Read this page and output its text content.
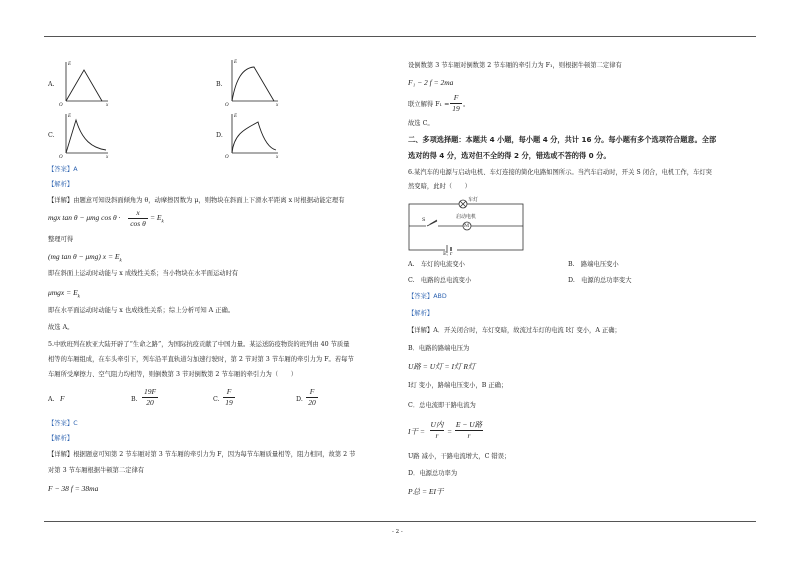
A.
E
O	x
B.
E
O	x
C.
E
O	x
D.
E
O	x
【答案】A
【解析】
【详解】由题意可知设斜面倾角为 θ，动摩擦因数为 μ，则物块在斜面上下滑水平距离 x 时根据动能定理有
mgx tan θ − μmg cos θ ·
x
cos θ
= $E_k$
整理可得
(mg tan θ − μmg) $x = E_k$
即在斜面上运动时动能与 x 成线性关系；当小物块在水平面运动时有
$\mu mgx = E_k$
即在水平面运动时动能与 x 也成线性关系；综上分析可知 A 正确。
故选 A。
5.中欧班列在欧亚大陆开辟了“生命之路”，为国际抗疫贡献了中国力量。某运送防疫物资的班列由 40 节质量
相等的车厢组成，在车头牵引下，列车沿平直轨道匀加速行驶时，第 2 节对第 3 节车厢的牵引力为 F。若每节
车厢所受摩擦力、空气阻力均相等，则倒数第 3 节对倒数第 2 节车厢的牵引力为（　　）
A. F	B.
19F
20	C.
F
19	D.
F
20
【答案】C
【解析】
【详解】根据题意可知第 2 节车厢对第 3 节车厢的牵引力为 F，因为每节车厢质量相等，阻力相同，故第 2 节
对第 3 节车厢根据牛顿第二定律有
F − 38 f = 38ma
设倒数第 3 节车厢对倒数第 2 节车厢的牵引力为 F₁，则根据牛顿第二定律有
F₁ − 2 f = 2ma
联立解得 F₁ =
F
19 。
故选 C。
二、多项选择题：本题共 4 小题，每小题 4 分，共计 16 分。每小题有多个选项符合题意。全部
选对的得 4 分，选对但不全的得 2 分，错选或不答的得 0 分。
6.某汽车的电源与启动电机、车灯连接的简化电路如图所示。当汽车启动时，开关 S 闭合，电机工作，车灯突
然变暗，此时（　　）
车灯
S	启动电机
M
E, r
A.　车灯的电流变小	B.　路端电压变小
C.　电路的总电流变小	D.　电源的总功率变大
【答案】ABD
【解析】
【详解】A．开关闭合时，车灯变暗，故流过车灯的电流 I灯 变小，A 正确；
B．电路的路端电压为
U路 = U灯 = I灯 R灯
I灯 变小，路端电压变小，B 正确；
C．总电流即干路电流为
I干 =
U内
r	=
E − U路
r
U路 减小，干路电流增大，C 错误；
D．电源总功率为
P总 = EI干
- 2 -
